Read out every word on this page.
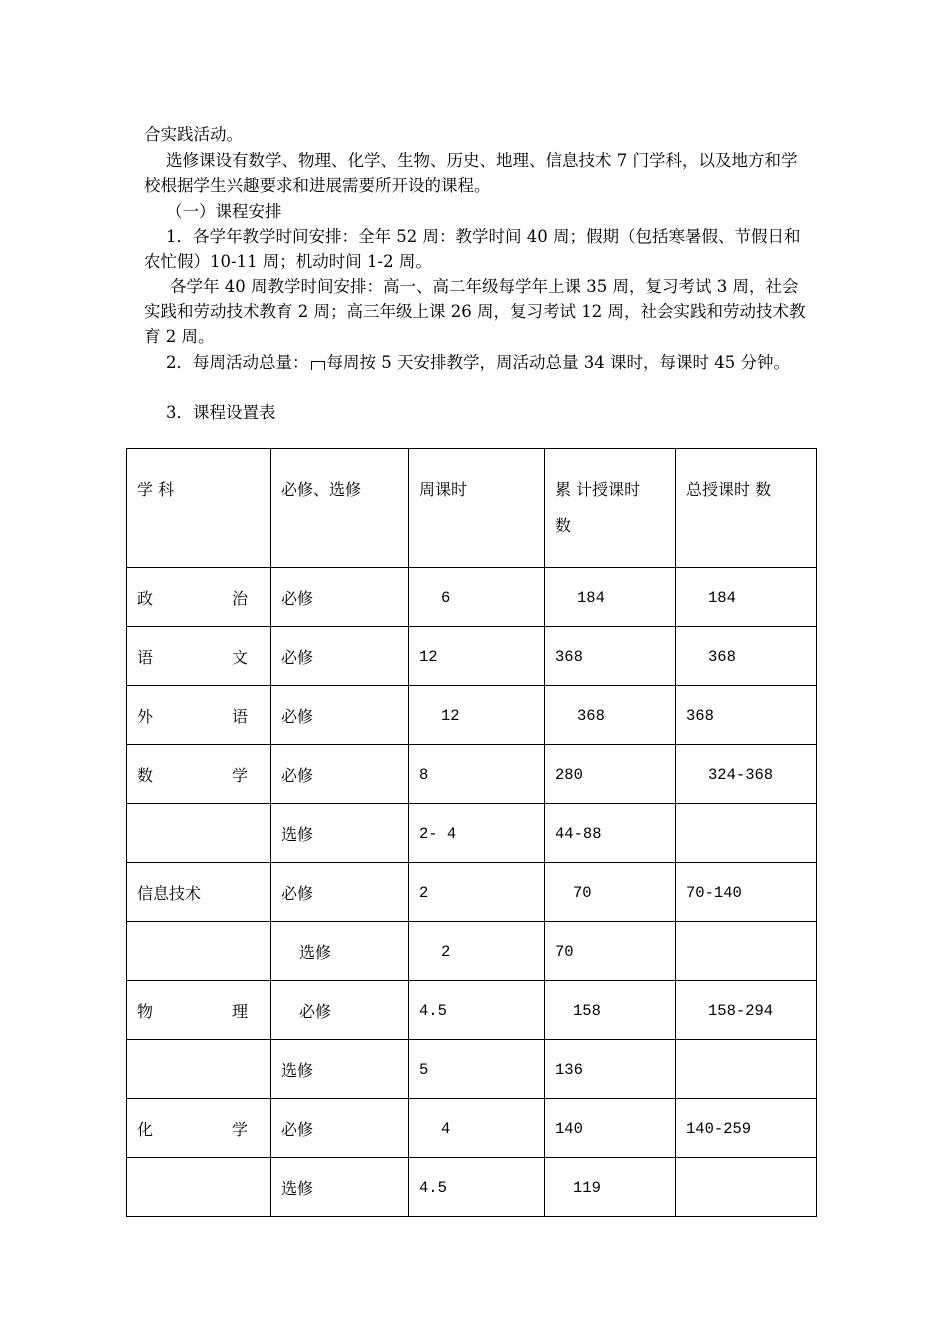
合实践活动。

选修课设有数学、物理、化学、生物、历史、地理、信息技术 7 门学科，以及地方和学校根据学生兴趣要求和进展需要所开设的课程。

（一）课程安排

1．各学年教学时间安排：全年 52 周：教学时间 40 周；假期（包括寒暑假、节假日和农忙假）10-11 周；机动时间 1-2 周。

各学年 40 周教学时间安排：高一、高二年级每学年上课 35 周，复习考试 3 周，社会实践和劳动技术教育 2 周；高三年级上课 26 周，复习考试 12 周，社会实践和劳动技术教育 2 周。

2．每周活动总量： 每周按 5 天安排教学，周活动总量 34 课时，每课时 45 分钟。

3．课程设置表

学 科	必修、选修	周课时	累 计授课时 数	总授课时 数

政 治	必修	6	184	184

语 文	必修	12	368	368

外 语	必修	12	368	368

数 学	必修	8	280	324-368

	选修	2- 4	44-88	

信息技术	必修	2	70	70-140

	选修	2	70	

物 理	必修	4.5	158	158-294

	选修	5	136	

化 学	必修	4	140	140-259

	选修	4.5	119	
